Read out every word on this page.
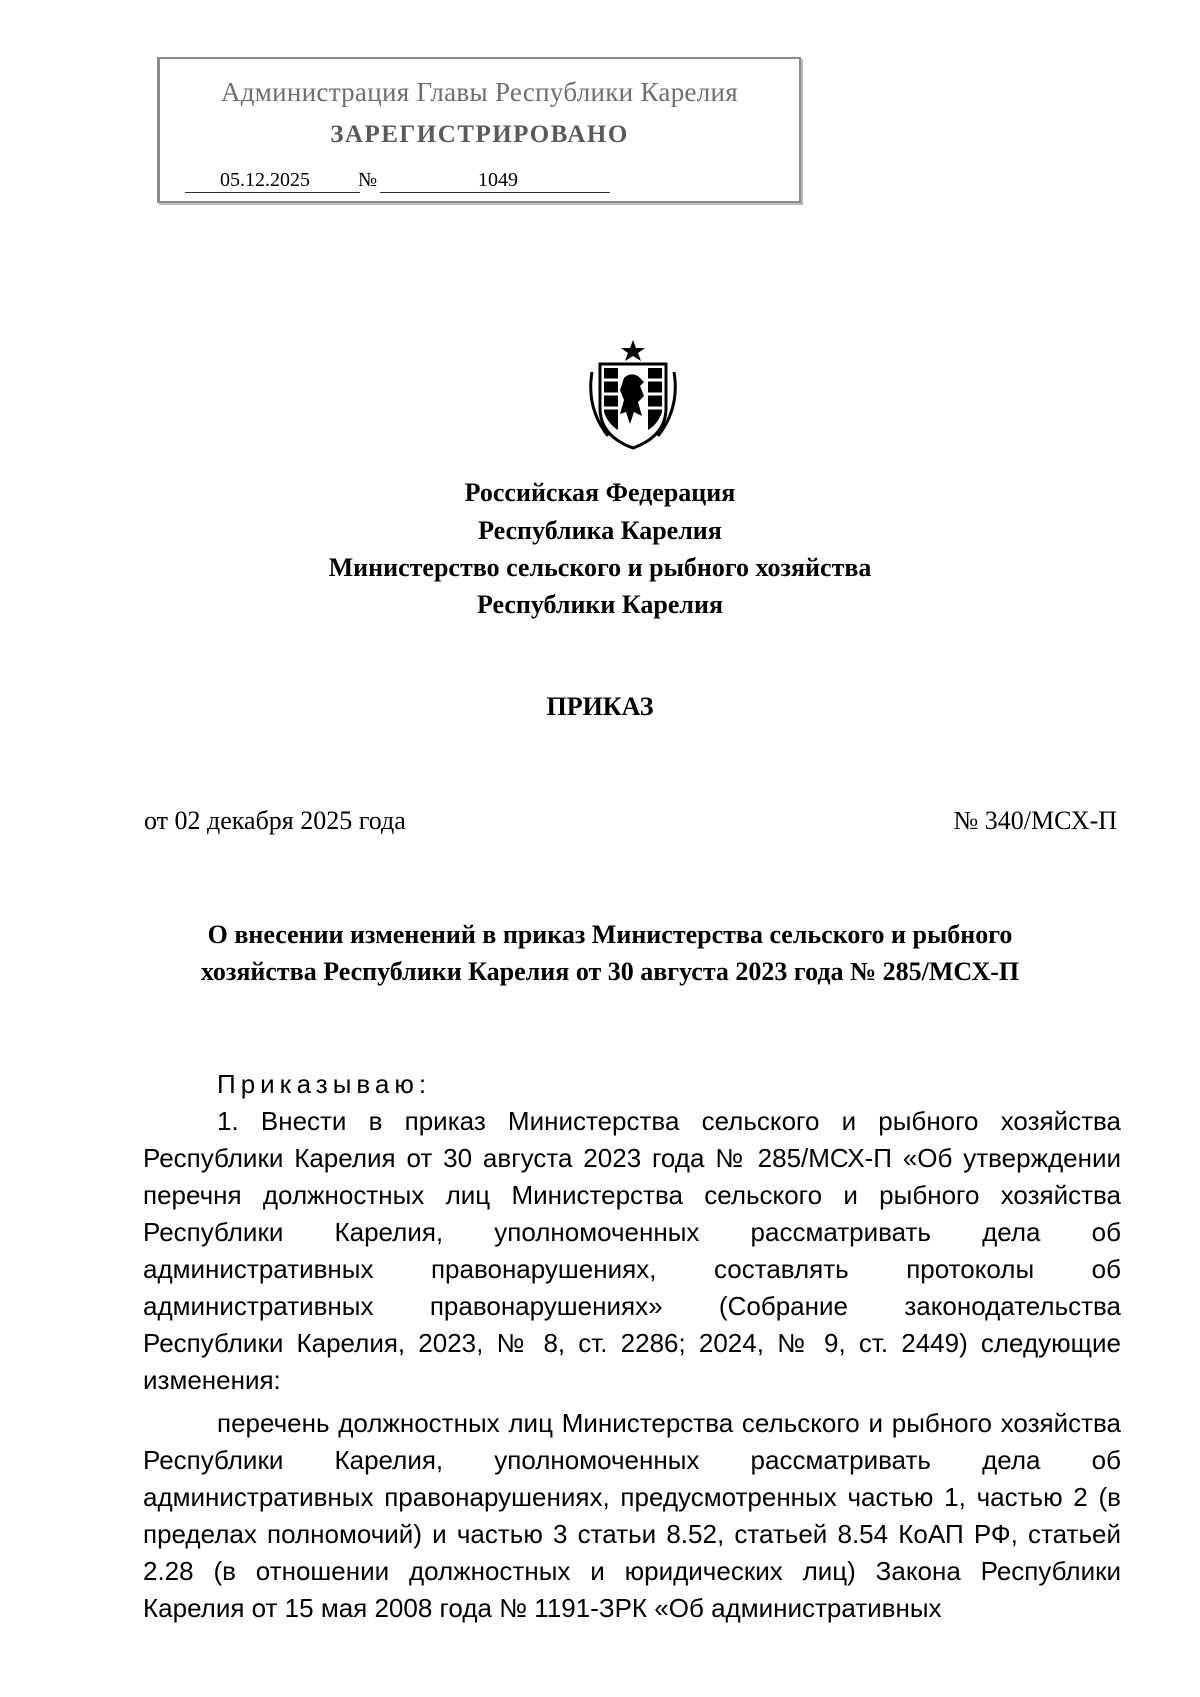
Администрация Главы Республики Карелия
ЗАРЕГИСТРИРОВАНО
05.12.2025 №	1049
Российская Федерация
Республика Карелия
Министерство сельского и рыбного хозяйства
Республики Карелия
ПРИКАЗ
от 02 декабря 2025 года	№ 340/МСХ-П
О внесении изменений в приказ Министерства сельского и рыбного
хозяйства Республики Карелия от 30 августа 2023 года № 285/МСХ-П

Приказываю:

1. Внести в приказ Министерства сельского и рыбного хозяйства Республики Карелия от 30 августа 2023 года № 285/МСХ-П «Об утверждении перечня должностных лиц Министерства сельского и рыбного хозяйства Республики Карелия, уполномоченных рассматривать дела об административных правонарушениях, составлять протоколы об административных правонарушениях» (Собрание законодательства Республики Карелия, 2023, № 8, ст. 2286; 2024, № 9, ст. 2449) следующие изменения:

перечень должностных лиц Министерства сельского и рыбного хозяйства Республики Карелия, уполномоченных рассматривать дела об административных правонарушениях, предусмотренных частью 1, частью 2 (в пределах полномочий) и частью 3 статьи 8.52, статьей 8.54 КоАП РФ, статьей 2.28 (в отношении должностных и юридических лиц) Закона Республики Карелия от 15 мая 2008 года № 1191-ЗРК «Об административных
